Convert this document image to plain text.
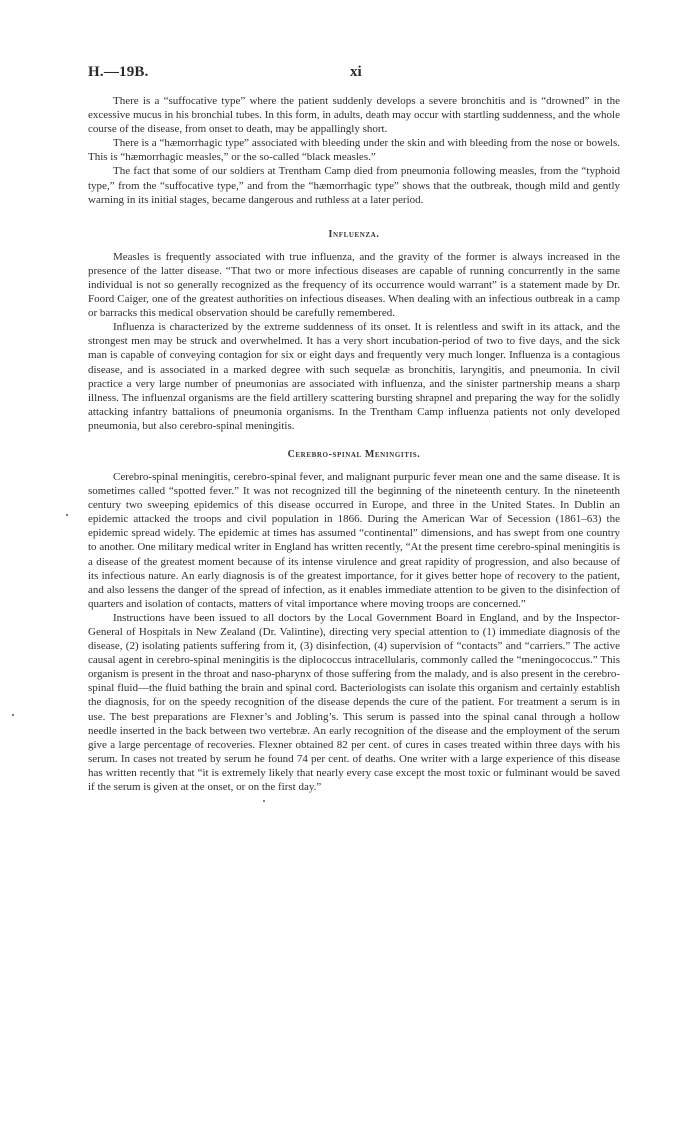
H.—19B.	xi

There is a “suffocative type” where the patient suddenly develops a severe bronchitis and is “drowned” in the excessive mucus in his bronchial tubes. In this form, in adults, death may occur with startling suddenness, and the whole course of the disease, from onset to death, may be appallingly short.

There is a “hæmorrhagic type” associated with bleeding under the skin and with bleeding from the nose or bowels. This is “hæmorrhagic measles,” or the so-called “black measles.”

The fact that some of our soldiers at Trentham Camp died from pneumonia following measles, from the “typhoid type,” from the “suffocative type,” and from the “hæmorrhagic type” shows that the outbreak, though mild and gently warning in its initial stages, became dangerous and ruthless at a later period.

Influenza.

Measles is frequently associated with true influenza, and the gravity of the former is always increased in the presence of the latter disease. “That two or more infectious diseases are capable of running concurrently in the same individual is not so generally recognized as the frequency of its occurrence would warrant” is a statement made by Dr. Foord Caiger, one of the greatest authorities on infectious diseases. When dealing with an infectious outbreak in a camp or barracks this medical observation should be carefully remembered.

Influenza is characterized by the extreme suddenness of its onset. It is relentless and swift in its attack, and the strongest men may be struck and overwhelmed. It has a very short incubation-period of two to five days, and the sick man is capable of conveying contagion for six or eight days and frequently very much longer. Influenza is a contagious disease, and is associated in a marked degree with such sequelæ as bronchitis, laryngitis, and pneumonia. In civil practice a very large number of pneumonias are associated with influenza, and the sinister partnership means a sharp illness. The influenzal organisms are the field artillery scattering bursting shrapnel and preparing the way for the solidly attacking infantry battalions of pneumonia organisms. In the Trentham Camp influenza patients not only developed pneumonia, but also cerebro-spinal meningitis.

Cerebro-spinal Meningitis.

Cerebro-spinal meningitis, cerebro-spinal fever, and malignant purpuric fever mean one and the same disease. It is sometimes called “spotted fever.” It was not recognized till the beginning of the nineteenth century. In the nineteenth century two sweeping epidemics of this disease occurred in Europe, and three in the United States. In Dublin an epidemic attacked the troops and civil population in 1866. During the American War of Secession (1861–63) the epidemic spread widely. The epidemic at times has assumed “continental” dimensions, and has swept from one country to another. One military medical writer in England has written recently, “At the present time cerebro-spinal meningitis is a disease of the greatest moment because of its intense virulence and great rapidity of progression, and also because of its infectious nature. An early diagnosis is of the greatest importance, for it gives better hope of recovery to the patient, and also lessens the danger of the spread of infection, as it enables immediate attention to be given to the disinfection of quarters and isolation of contacts, matters of vital importance where moving troops are concerned.”

Instructions have been issued to all doctors by the Local Government Board in England, and by the Inspector-General of Hospitals in New Zealand (Dr. Valintine), directing very special attention to (1) immediate diagnosis of the disease, (2) isolating patients suffering from it, (3) disinfection, (4) supervision of “contacts” and “carriers.” The active causal agent in cerebro-spinal meningitis is the diplococcus intracellularis, commonly called the “meningococcus.” This organism is present in the throat and naso-pharynx of those suffering from the malady, and is also present in the cerebro-spinal fluid—the fluid bathing the brain and spinal cord. Bacteriologists can isolate this organism and certainly establish the diagnosis, for on the speedy recognition of the disease depends the cure of the patient. For treatment a serum is in use. The best preparations are Flexner’s and Jobling’s. This serum is passed into the spinal canal through a hollow needle inserted in the back between two vertebræ. An early recognition of the disease and the employment of the serum give a large percentage of recoveries. Flexner obtained 82 per cent. of cures in cases treated within three days with his serum. In cases not treated by serum he found 74 per cent. of deaths. One writer with a large experience of this disease has written recently that “it is extremely likely that nearly every case except the most toxic or fulminant would be saved if the serum is given at the onset, or on the first day.”
